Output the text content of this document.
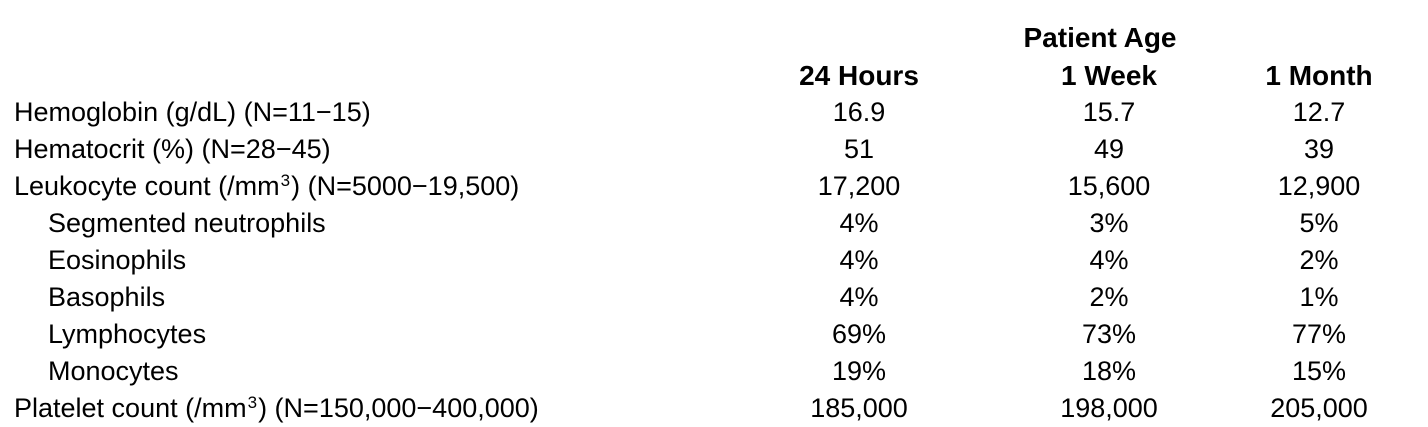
Patient Age
	24 Hours	1 Week	1 Month
Hemoglobin (g/dL) (N=11−15)	16.9	15.7	12.7
Hematocrit (%) (N=28−45)	51	49	39
Leukocyte count $(/mm^3)$ (N=5000−19,500)	17,200	15,600	12,900
Segmented neutrophils	4%	3%	5%
Eosinophils	4%	4%	2%
Basophils	4%	2%	1%
Lymphocytes	69%	73%	77%
Monocytes	19%	18%	15%
Platelet count $(/mm^3)$ (N=150,000−400,000)	185,000	198,000	205,000
